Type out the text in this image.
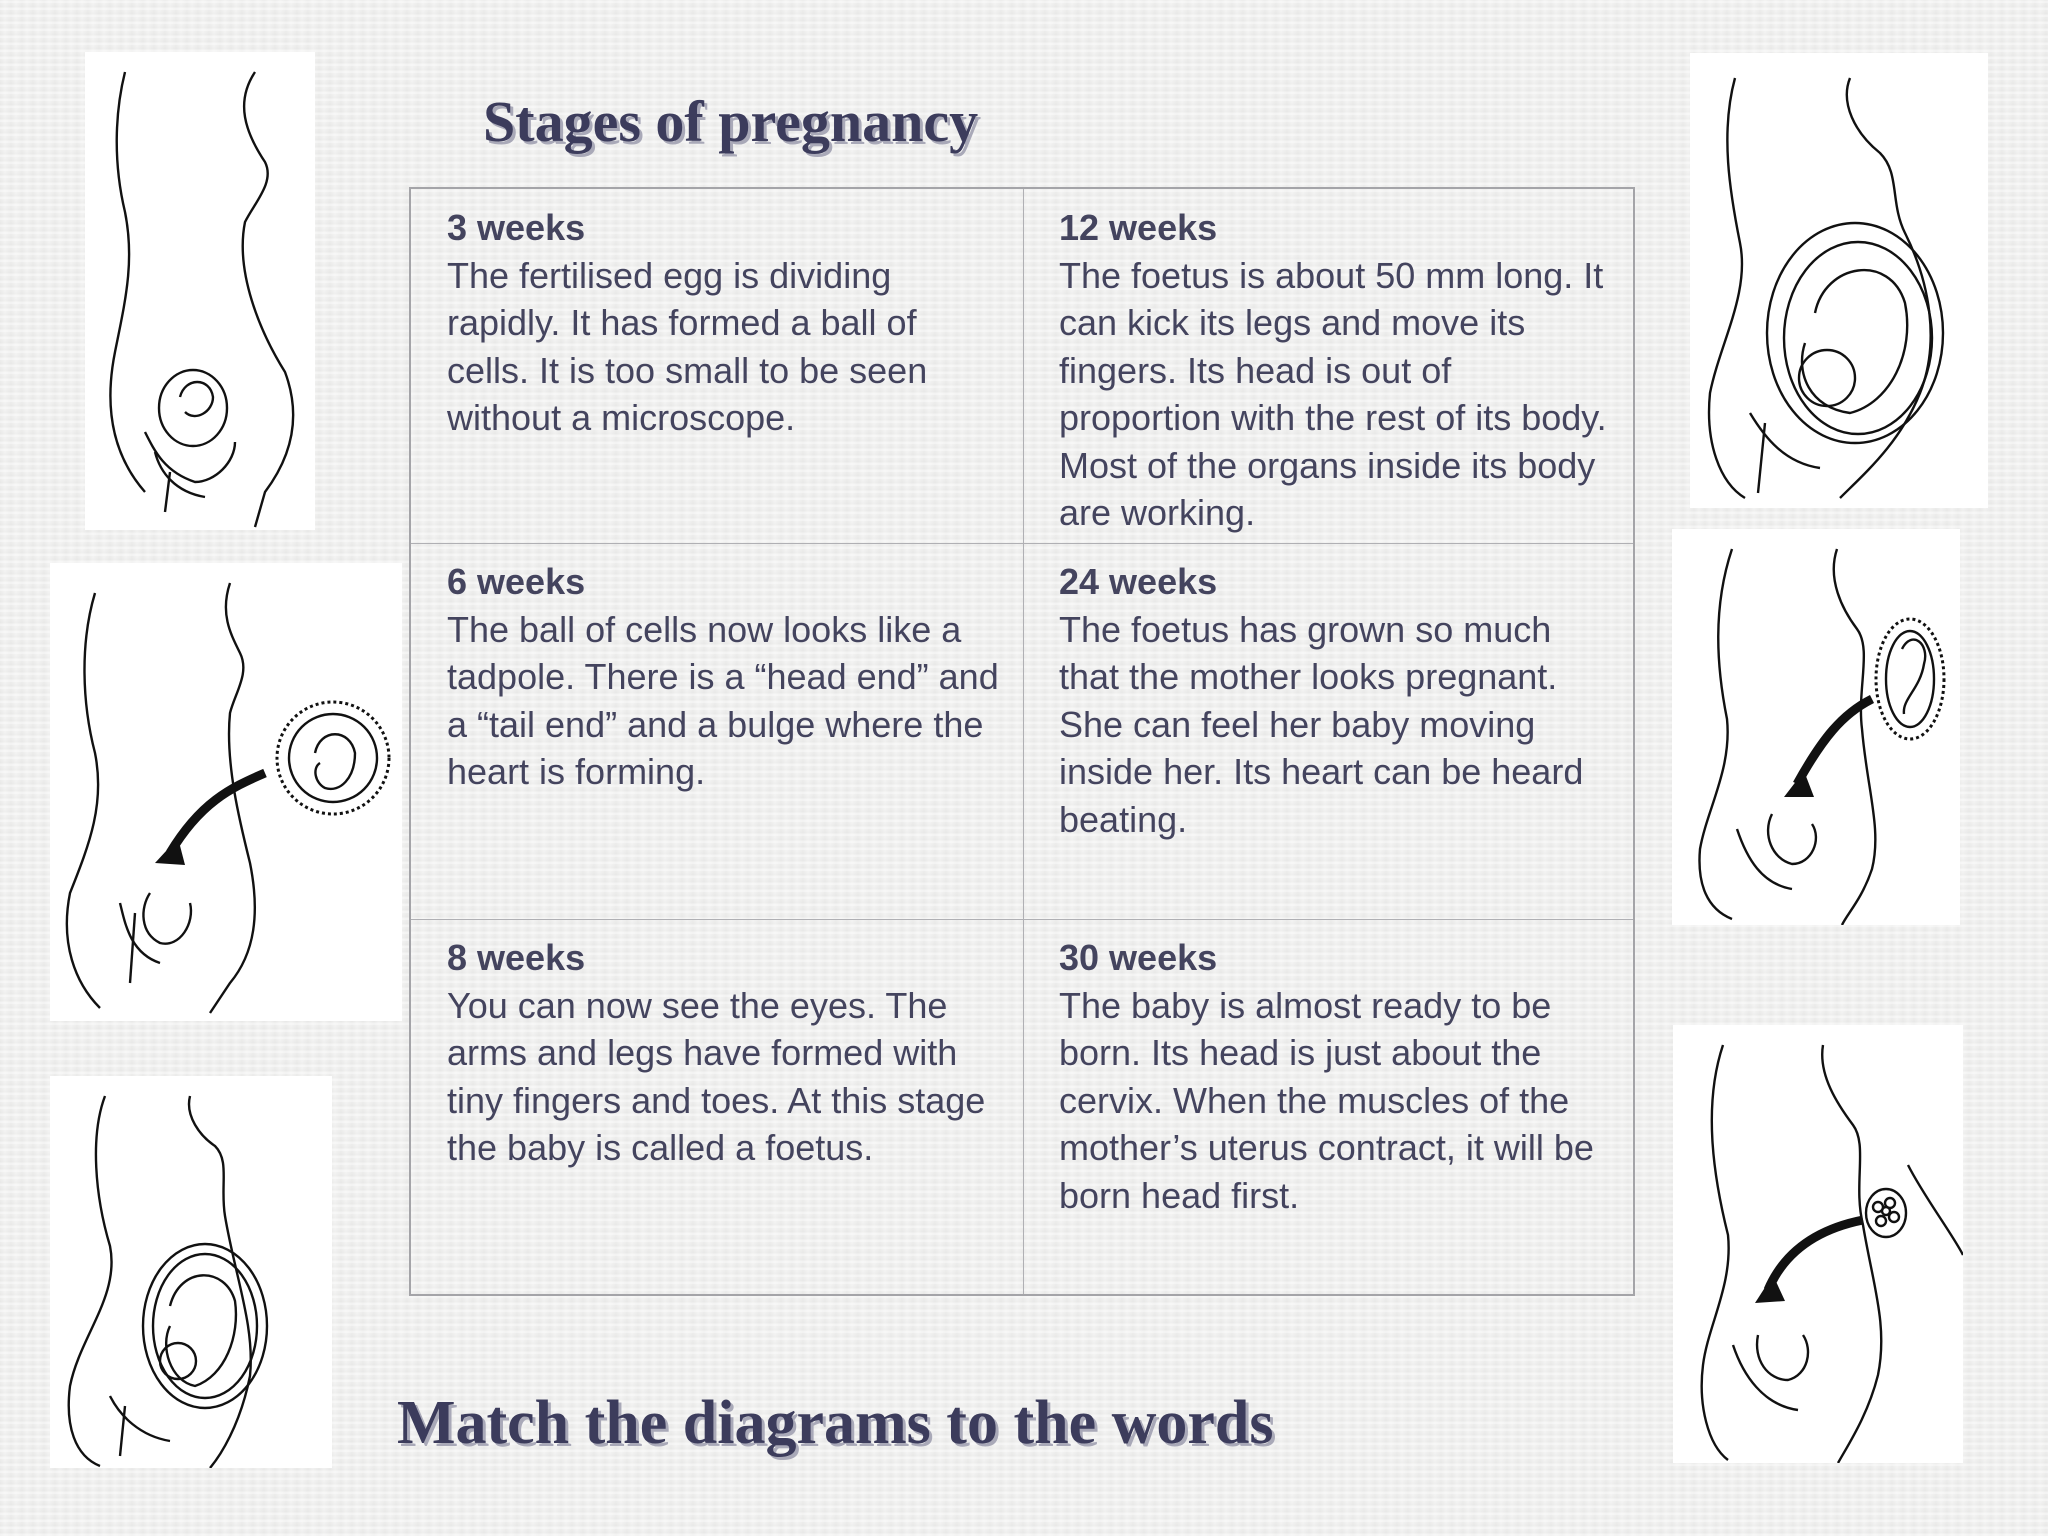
Stages of pregnancy
3 weeks
The fertilised egg is dividing rapidly. It has formed a ball of cells. It is too small to be seen without a microscope.
12 weeks
The foetus is about 50 mm long. It can kick its legs and move its fingers. Its head is out of proportion with the rest of its body. Most of the organs inside its body are working.
6 weeks
The ball of cells now looks like a tadpole. There is a “head end” and a “tail end” and a bulge where the heart is forming.
24 weeks
The foetus has grown so much that the mother looks pregnant. She can feel her baby moving inside her. Its heart can be heard beating.
8 weeks
You can now see the eyes. The arms and legs have formed with tiny fingers and toes. At this stage the baby is called a foetus.
30 weeks
The baby is almost ready to be born. Its head is just about the cervix. When the muscles of the mother’s uterus contract, it will be born head first.
Match the diagrams to the words
